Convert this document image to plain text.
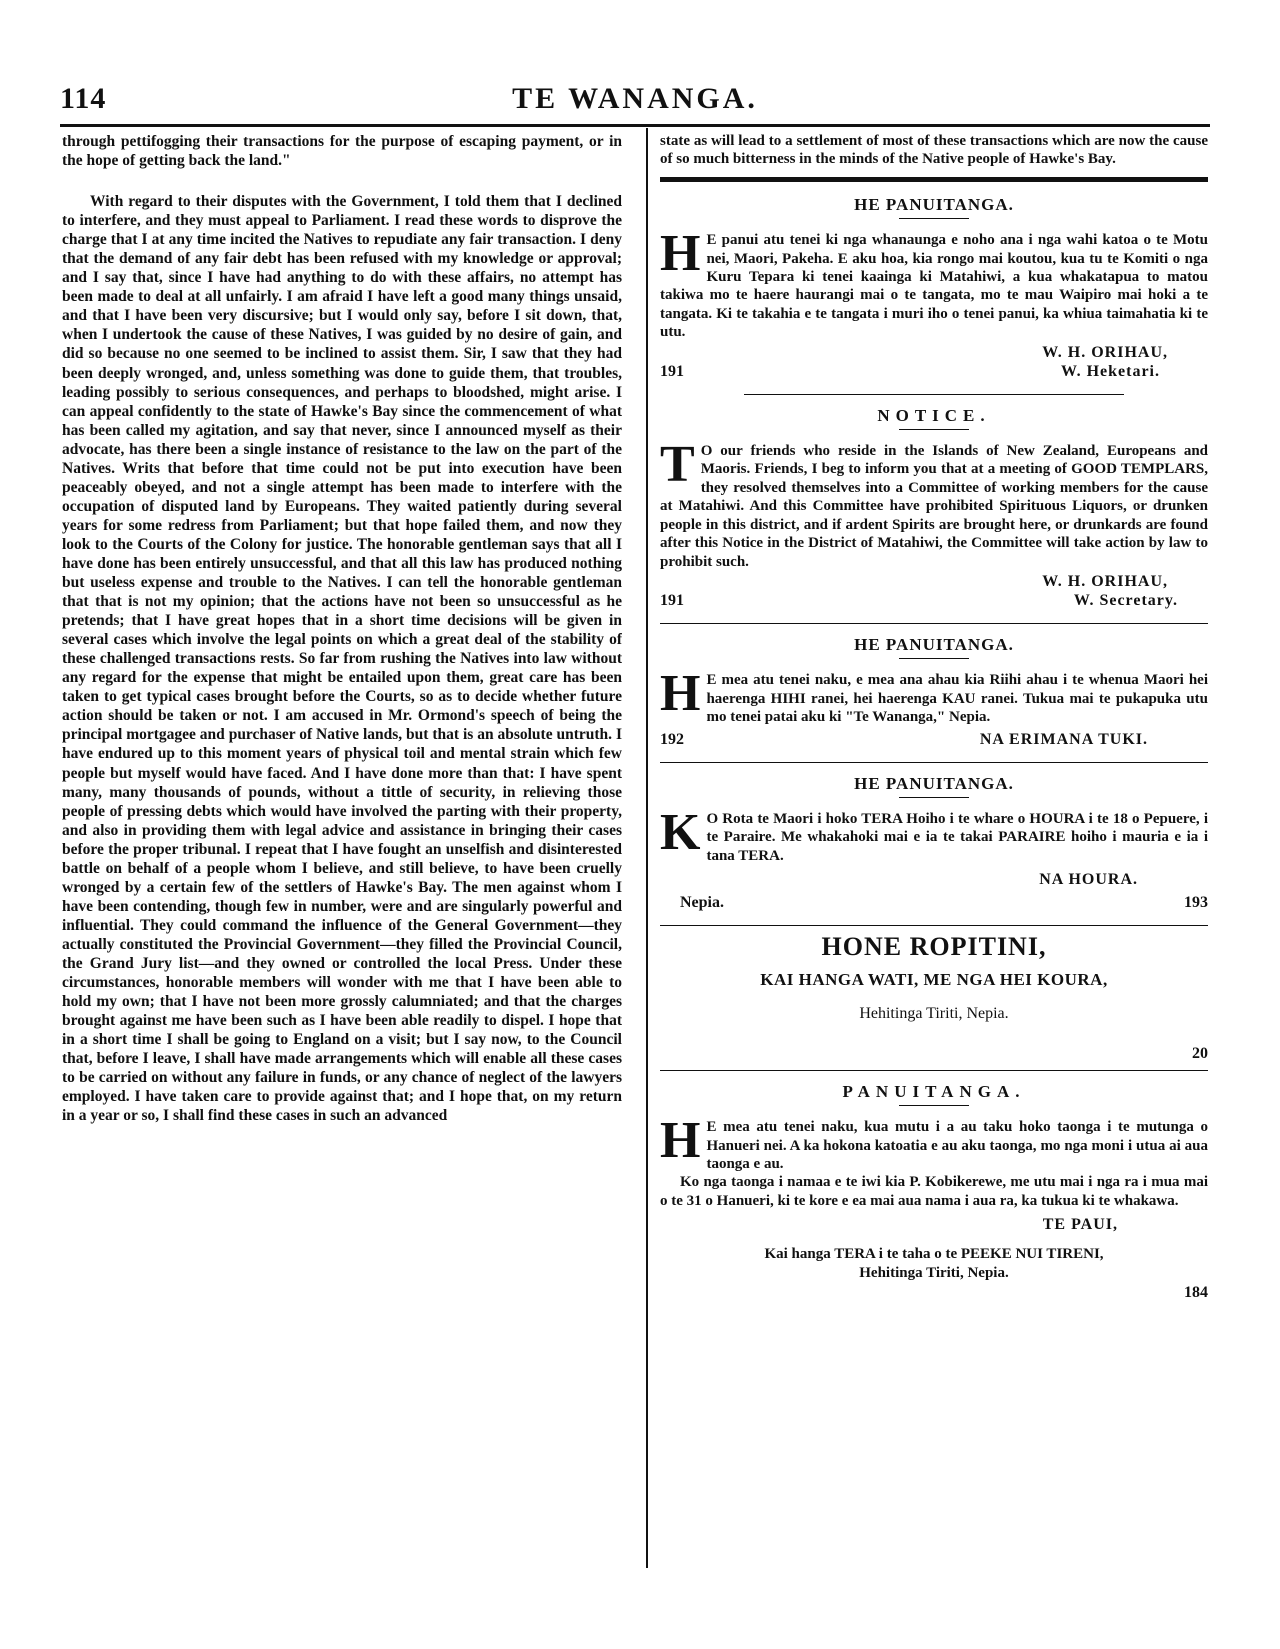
114	TE WANANGA.

through pettifogging their transactions for the purpose of escaping payment, or in the hope of getting back the land."

With regard to their disputes with the Government, I told them that I declined to interfere, and they must appeal to Parliament. I read these words to disprove the charge that I at any time incited the Natives to repudiate any fair transaction. I deny that the demand of any fair debt has been refused with my knowledge or approval; and I say that, since I have had anything to do with these affairs, no attempt has been made to deal at all unfairly. I am afraid I have left a good many things unsaid, and that I have been very discursive; but I would only say, before I sit down, that, when I undertook the cause of these Natives, I was guided by no desire of gain, and did so because no one seemed to be inclined to assist them. Sir, I saw that they had been deeply wronged, and, unless something was done to guide them, that troubles, leading possibly to serious consequences, and perhaps to bloodshed, might arise. I can appeal confidently to the state of Hawke's Bay since the commencement of what has been called my agitation, and say that never, since I announced myself as their advocate, has there been a single instance of resistance to the law on the part of the Natives. Writs that before that time could not be put into execution have been peaceably obeyed, and not a single attempt has been made to interfere with the occupation of disputed land by Europeans. They waited patiently during several years for some redress from Parliament; but that hope failed them, and now they look to the Courts of the Colony for justice. The honorable gentleman says that all I have done has been entirely unsuccessful, and that all this law has produced nothing but useless expense and trouble to the Natives. I can tell the honorable gentleman that that is not my opinion; that the actions have not been so unsuccessful as he pretends; that I have great hopes that in a short time decisions will be given in several cases which involve the legal points on which a great deal of the stability of these challenged transactions rests. So far from rushing the Natives into law without any regard for the expense that might be entailed upon them, great care has been taken to get typical cases brought before the Courts, so as to decide whether future action should be taken or not. I am accused in Mr. Ormond's speech of being the principal mortgagee and purchaser of Native lands, but that is an absolute untruth. I have endured up to this moment years of physical toil and mental strain which few people but myself would have faced. And I have done more than that: I have spent many, many thousands of pounds, without a tittle of security, in relieving those people of pressing debts which would have involved the parting with their property, and also in providing them with legal advice and assistance in bringing their cases before the proper tribunal. I repeat that I have fought an unselfish and disinterested battle on behalf of a people whom I believe, and still believe, to have been cruelly wronged by a certain few of the settlers of Hawke's Bay. The men against whom I have been contending, though few in number, were and are singularly powerful and influential. They could command the influence of the General Government—they actually constituted the Provincial Government—they filled the Provincial Council, the Grand Jury list—and they owned or controlled the local Press. Under these circumstances, honorable members will wonder with me that I have been able to hold my own; that I have not been more grossly calumniated; and that the charges brought against me have been such as I have been able readily to dispel. I hope that in a short time I shall be going to England on a visit; but I say now, to the Council that, before I leave, I shall have made arrangements which will enable all these cases to be carried on without any failure in funds, or any chance of neglect of the lawyers employed. I have taken care to provide against that; and I hope that, on my return in a year or so, I shall find these cases in such an advanced

state as will lead to a settlement of most of these transactions which are now the cause of so much bitterness in the minds of the Native people of Hawke's Bay.

HE PANUITANGA.

H E panui atu tenei ki nga whanaunga e noho ana i nga wahi katoa o te Motu nei, Maori, Pakeha. E aku hoa, kia rongo mai koutou, kua tu te Komiti o nga Kuru Tepara ki tenei kaainga ki Matahiwi, a kua whakatapua to matou takiwa mo te haere haurangi mai o te tangata, mo te mau Waipiro mai hoki a te tangata. Ki te takahia e te tangata i muri iho o tenei panui, ka whiua taimahatia ki te utu.

W. H. ORIHAU,
191	W. Heketari.
NOTICE.

T O our friends who reside in the Islands of New Zealand, Europeans and Maoris. Friends, I beg to inform you that at a meeting of GOOD TEMPLARS, they resolved themselves into a Committee of working members for the cause at Matahiwi. And this Committee have prohibited Spirituous Liquors, or drunken people in this district, and if ardent Spirits are brought here, or drunkards are found after this Notice in the District of Matahiwi, the Committee will take action by law to prohibit such.

W. H. ORIHAU,
191	W. Secretary.
HE PANUITANGA.

H E mea atu tenei naku, e mea ana ahau kia Riihi ahau i te whenua Maori hei haerenga HIHI ranei, hei haerenga KAU ranei. Tukua mai te pukapuka utu mo tenei patai aku ki "Te Wananga," Nepia.

192	NA ERIMANA TUKI.
HE PANUITANGA.

K O Rota te Maori i hoko TERA Hoiho i te whare o HOURA i te 18 o Pepuere, i te Paraire. Me whakahoki mai e ia te takai PARAIRE hoiho i mauria e ia i tana TERA.

NA HOURA.
Nepia.	193
HONE ROPITINI,
KAI HANGA WATI, ME NGA HEI KOURA,
Hehitinga Tiriti, Nepia.
20
PANUITANGA.

H E mea atu tenei naku, kua mutu i a au taku hoko taonga i te mutunga o Hanueri nei. A ka hokona katoatia e au aku taonga, mo nga moni i utua ai aua taonga e au.

Ko nga taonga i namaa e te iwi kia P. Kobikerewe, me utu mai i nga ra i mua mai o te 31 o Hanueri, ki te kore e ea mai aua nama i aua ra, ka tukua ki te whakawa.

TE PAUI,
Kai hanga TERA i te taha o te PEEKE NUI TIRENI,
Hehitinga Tiriti, Nepia.
184
